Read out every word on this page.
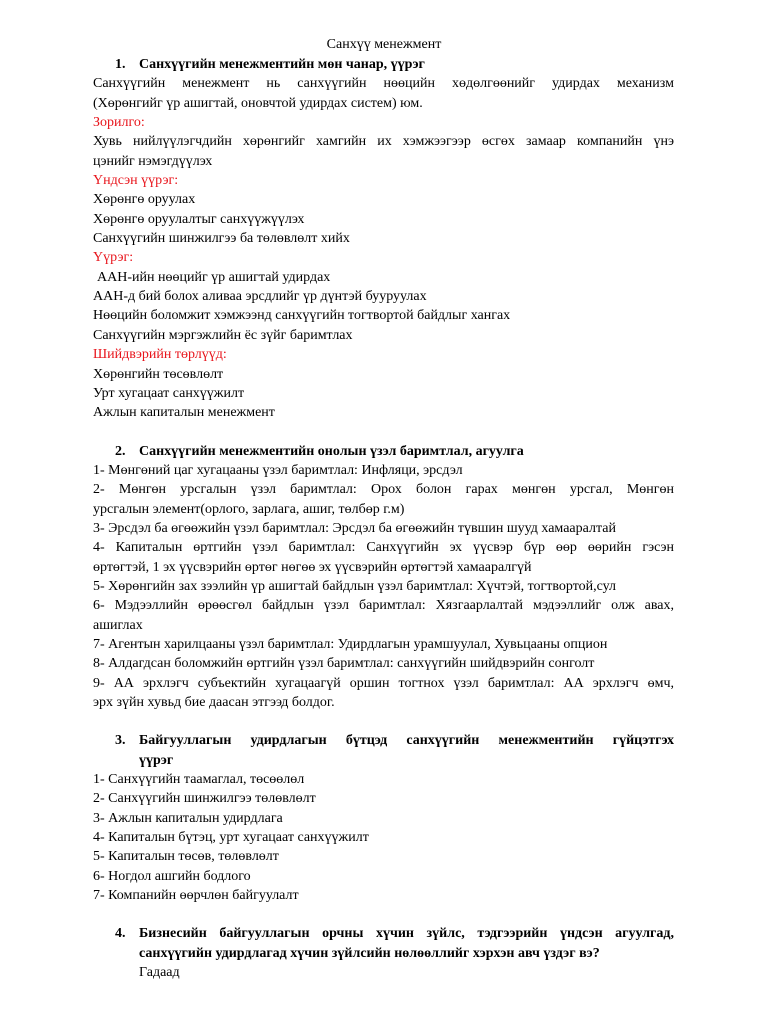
Санхүү менежмент
1. Санхүүгийн менежментийн мөн чанар, үүрэг
Санхүүгийн менежмент нь санхүүгийн нөөцийн хөдөлгөөнийг удирдах механизм
(Хөрөнгийг үр ашигтай, оновчтой удирдах систем) юм.
Зорилго:
Хувь нийлүүлэгчдийн хөрөнгийг хамгийн их хэмжээгээр өсгөх замаар компанийн үнэ
цэнийг нэмэгдүүлэх
Үндсэн үүрэг:
Хөрөнгө оруулах
Хөрөнгө оруулалтыг санхүүжүүлэх
Санхүүгийн шинжилгээ ба төлөвлөлт хийх
Үүрэг:
ААН-ийн нөөцийг үр ашигтай удирдах
ААН-д бий болох аливаа эрсдлийг үр дүнтэй бууруулах
Нөөцийн боломжит хэмжээнд санхүүгийн тогтвортой байдлыг хангах
Санхүүгийн мэргэжлийн ёс зүйг баримтлах
Шийдвэрийн төрлүүд:
Хөрөнгийн төсөвлөлт
Урт хугацаат санхүүжилт
Ажлын капиталын менежмент
2. Санхүүгийн менежментийн онолын үзэл баримтлал, агуулга
1- Мөнгөний цаг хугацааны үзэл баримтлал: Инфляци, эрсдэл
2- Мөнгөн урсгалын үзэл баримтлал: Орох болон гарах мөнгөн урсгал, Мөнгөн
урсгалын элемент(орлого, зарлага, ашиг, төлбөр г.м)
3- Эрсдэл ба өгөөжийн үзэл баримтлал: Эрсдэл ба өгөөжийн түвшин шууд хамааралтай
4- Капиталын өртгийн үзэл баримтлал: Санхүүгийн эх үүсвэр бүр өөр өөрийн гэсэн
өртөгтэй, 1 эх үүсвэрийн өртөг нөгөө эх үүсвэрийн өртөгтэй хамааралгүй
5- Хөрөнгийн зах зээлийн үр ашигтай байдлын үзэл баримтлал: Хүчтэй, тогтвортой,сул
6- Мэдээллийн өрөөсгөл байдлын үзэл баримтлал: Хязгаарлалтай мэдээллийг олж авах,
ашиглах
7- Агентын харилцааны үзэл баримтлал: Удирдлагын урамшуулал, Хувьцааны опцион
8- Алдагдсан боломжийн өртгийн үзэл баримтлал: санхүүгийн шийдвэрийн сонголт
9- АА эрхлэгч субъектийн хугацаагүй оршин тогтнох үзэл баримтлал: АА эрхлэгч өмч,
эрх зүйн хувьд бие даасан этгээд болдог.
3. Байгууллагын удирдлагын бүтцэд санхүүгийн менежментийн гүйцэтгэх
үүрэг
1- Санхүүгийн таамаглал, төсөөлөл
2- Санхүүгийн шинжилгээ төлөвлөлт
3- Ажлын капиталын удирдлага
4- Капиталын бүтэц, урт хугацаат санхүүжилт
5- Капиталын төсөв, төлөвлөлт
6- Ногдол ашгийн бодлого
7- Компанийн өөрчлөн байгуулалт
4. Бизнесийн байгууллагын орчны хүчин зүйлс, тэдгээрийн үндсэн агуулгад,
санхүүгийн удирдлагад хүчин зүйлсийн нөлөөллийг хэрхэн авч үздэг вэ?
Гадаад
